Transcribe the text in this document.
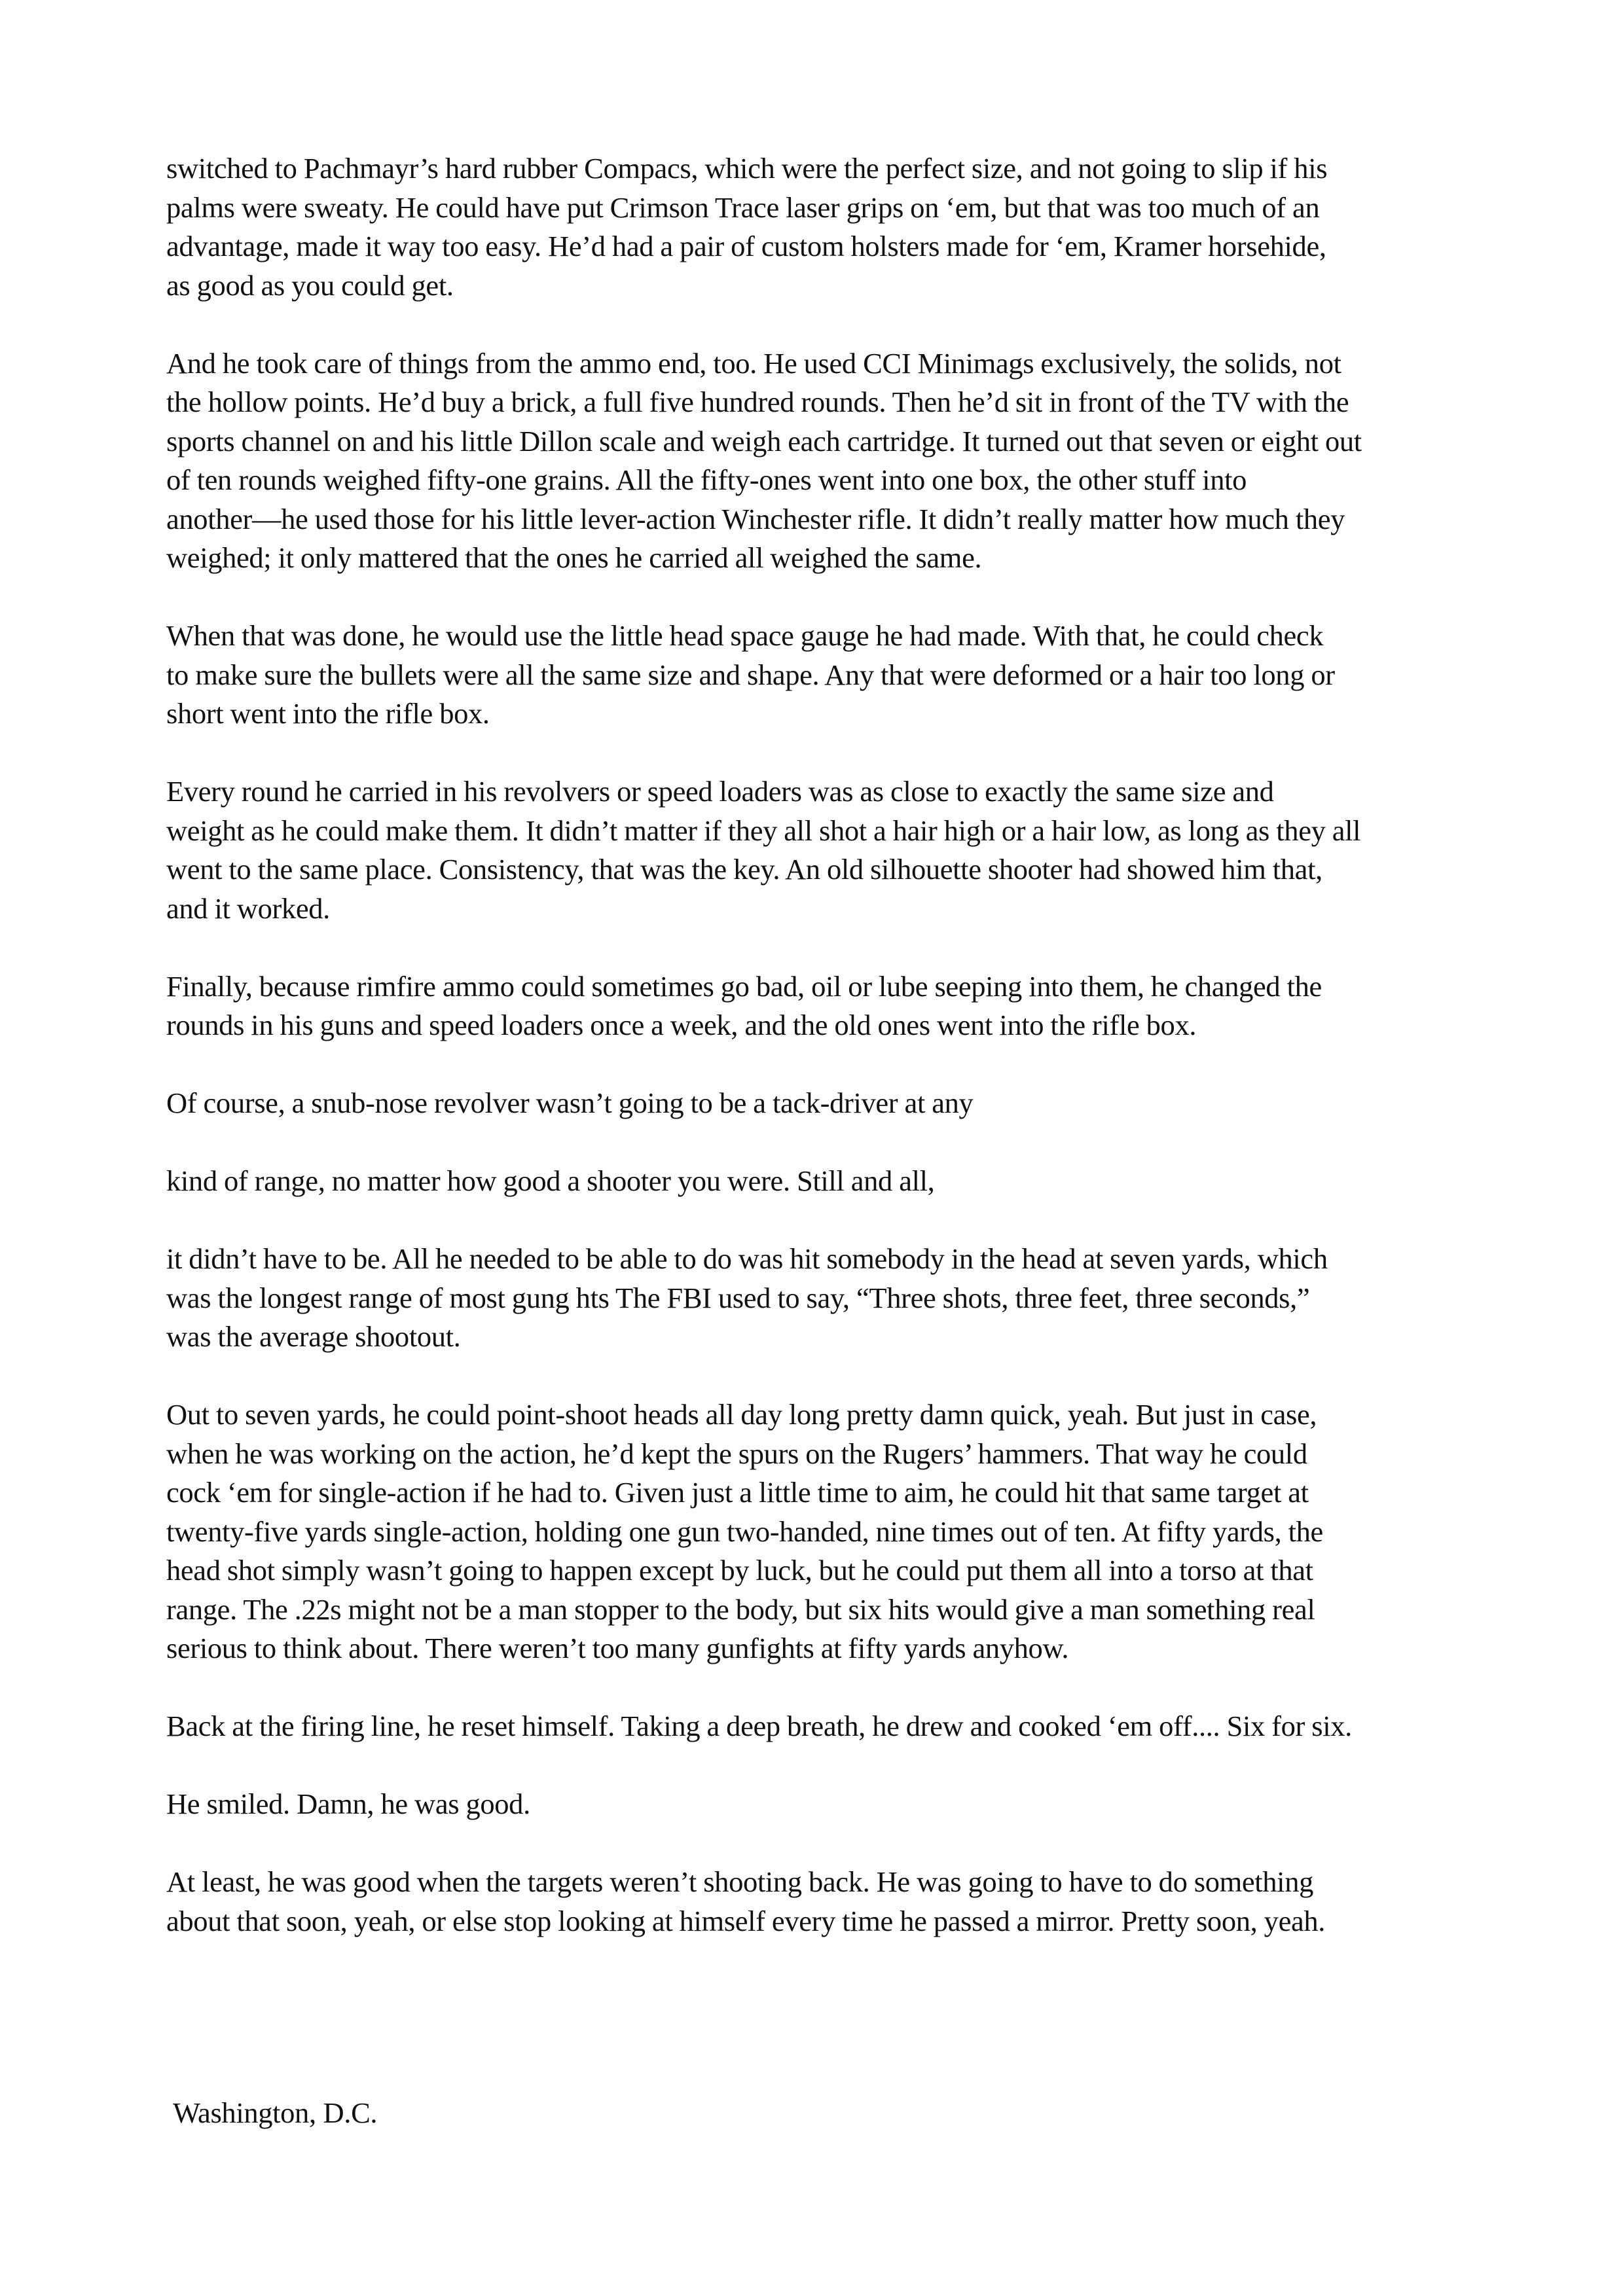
switched to Pachmayr’s hard rubber Compacs, which were the perfect size, and not going to slip if his
palms were sweaty. He could have put Crimson Trace laser grips on ‘em, but that was too much of an
advantage, made it way too easy. He’d had a pair of custom holsters made for ‘em, Kramer horsehide,
as good as you could get.

And he took care of things from the ammo end, too. He used CCI Minimags exclusively, the solids, not
the hollow points. He’d buy a brick, a full five hundred rounds. Then he’d sit in front of the TV with the
sports channel on and his little Dillon scale and weigh each cartridge. It turned out that seven or eight out
of ten rounds weighed fifty-one grains. All the fifty-ones went into one box, the other stuff into
another—he used those for his little lever-action Winchester rifle. It didn’t really matter how much they
weighed; it only mattered that the ones he carried all weighed the same.

When that was done, he would use the little head space gauge he had made. With that, he could check
to make sure the bullets were all the same size and shape. Any that were deformed or a hair too long or
short went into the rifle box.

Every round he carried in his revolvers or speed loaders was as close to exactly the same size and
weight as he could make them. It didn’t matter if they all shot a hair high or a hair low, as long as they all
went to the same place. Consistency, that was the key. An old silhouette shooter had showed him that,
and it worked.

Finally, because rimfire ammo could sometimes go bad, oil or lube seeping into them, he changed the
rounds in his guns and speed loaders once a week, and the old ones went into the rifle box.

Of course, a snub-nose revolver wasn’t going to be a tack-driver at any

kind of range, no matter how good a shooter you were. Still and all,

it didn’t have to be. All he needed to be able to do was hit somebody in the head at seven yards, which
was the longest range of most gung hts The FBI used to say, “Three shots, three feet, three seconds,”
was the average shootout.

Out to seven yards, he could point-shoot heads all day long pretty damn quick, yeah. But just in case,
when he was working on the action, he’d kept the spurs on the Rugers’ hammers. That way he could
cock ‘em for single-action if he had to. Given just a little time to aim, he could hit that same target at
twenty-five yards single-action, holding one gun two-handed, nine times out of ten. At fifty yards, the
head shot simply wasn’t going to happen except by luck, but he could put them all into a torso at that
range. The .22s might not be a man stopper to the body, but six hits would give a man something real
serious to think about. There weren’t too many gunfights at fifty yards anyhow.

Back at the firing line, he reset himself. Taking a deep breath, he drew and cooked ‘em off.... Six for six.

He smiled. Damn, he was good.

At least, he was good when the targets weren’t shooting back. He was going to have to do something
about that soon, yeah, or else stop looking at himself every time he passed a mirror. Pretty soon, yeah.

Washington, D.C.
